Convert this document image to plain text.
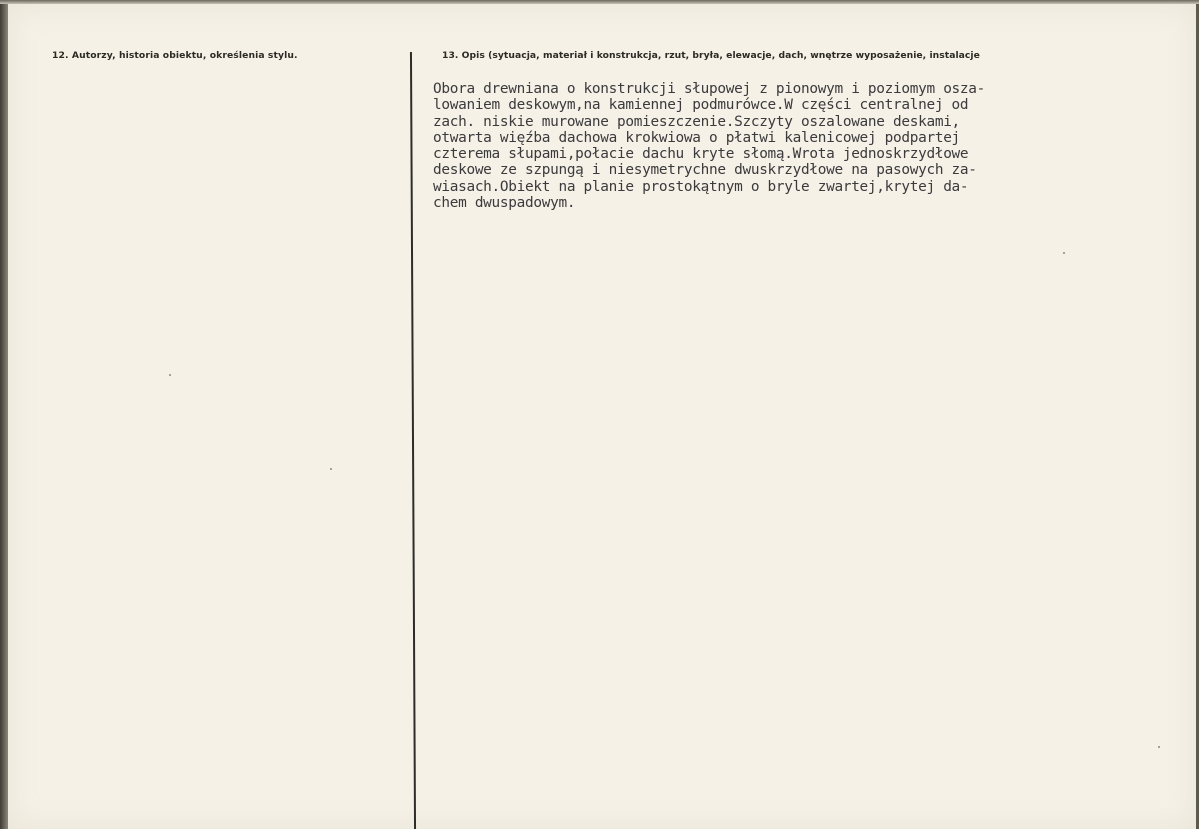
12. Autorzy, historia obiektu, określenia stylu.	13. Opis (sytuacja, materiał i konstrukcja, rzut, bryła, elewacje, dach, wnętrze wyposażenie, instalacje
Obora drewniana o konstrukcji słupowej z pionowym i poziomym osza-
lowaniem deskowym,na kamiennej podmurówce.W części centralnej od
zach. niskie murowane pomieszczenie.Szczyty oszalowane deskami,
otwarta więźba dachowa krokwiowa o płatwi kalenicowej podpartej
czterema słupami,połacie dachu kryte słomą.Wrota jednoskrzydłowe
deskowe ze szpungą i niesymetrychne dwuskrzydłowe na pasowych za-
wiasach.Obiekt na planie prostokątnym o bryle zwartej,krytej da-
chem dwuspadowym.
